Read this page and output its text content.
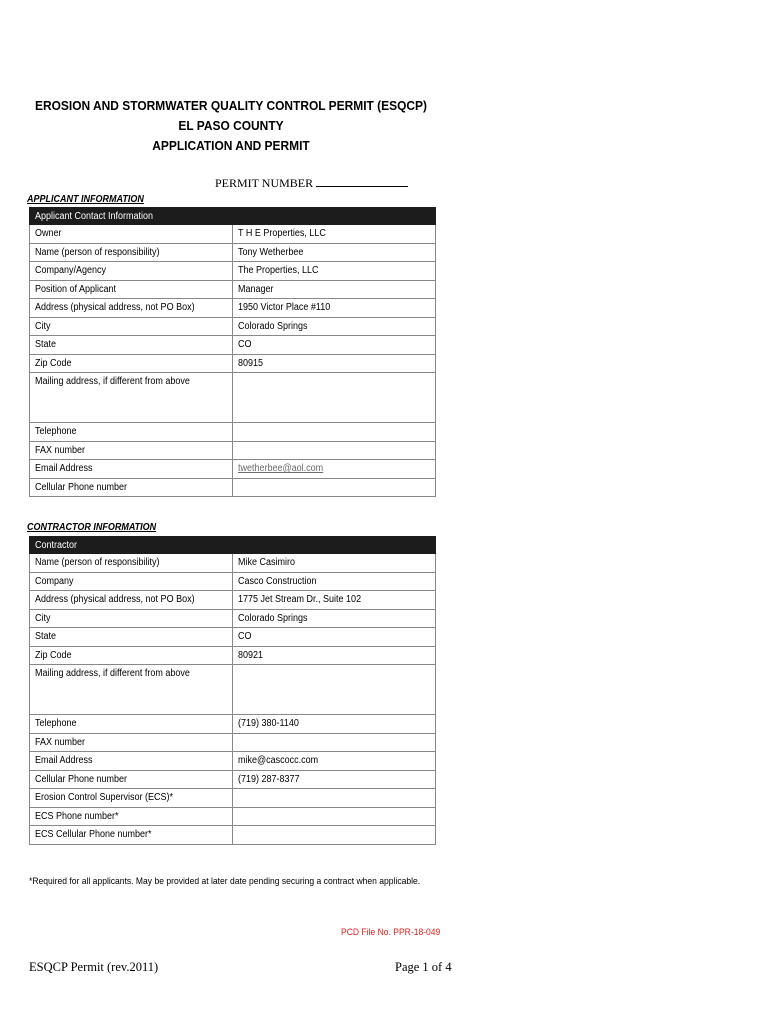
EROSION AND STORMWATER QUALITY CONTROL PERMIT (ESQCP)
EL PASO COUNTY
APPLICATION AND PERMIT
PERMIT NUMBER
APPLICANT INFORMATION
Applicant Contact Information	

Owner	T H E Properties, LLC

Name (person of responsibility)	Tony Wetherbee

Company/Agency	The Properties, LLC

Position of Applicant	Manager

Address (physical address, not PO Box)	1950 Victor Place #110

City	Colorado Springs

State	CO

Zip Code	80915

Mailing address, if different from above	

Telephone	

FAX number	

Email Address	twetherbee@aol.com

Cellular Phone number	

CONTRACTOR INFORMATION
Contractor	

Name (person of responsibility)	Mike Casimiro

Company	Casco Construction

Address (physical address, not PO Box)	1775 Jet Stream Dr., Suite 102

City	Colorado Springs

State	CO

Zip Code	80921

Mailing address, if different from above	

Telephone	(719) 380-1140

FAX number	

Email Address	mike@cascocc.com

Cellular Phone number	(719) 287-8377

Erosion Control Supervisor (ECS)*	

ECS Phone number*	

ECS Cellular Phone number*	

*Required for all applicants. May be provided at later date pending securing a contract when applicable.
PCD File No. PPR-18-049
ESQCP Permit (rev.2011)	Page 1 of 4
